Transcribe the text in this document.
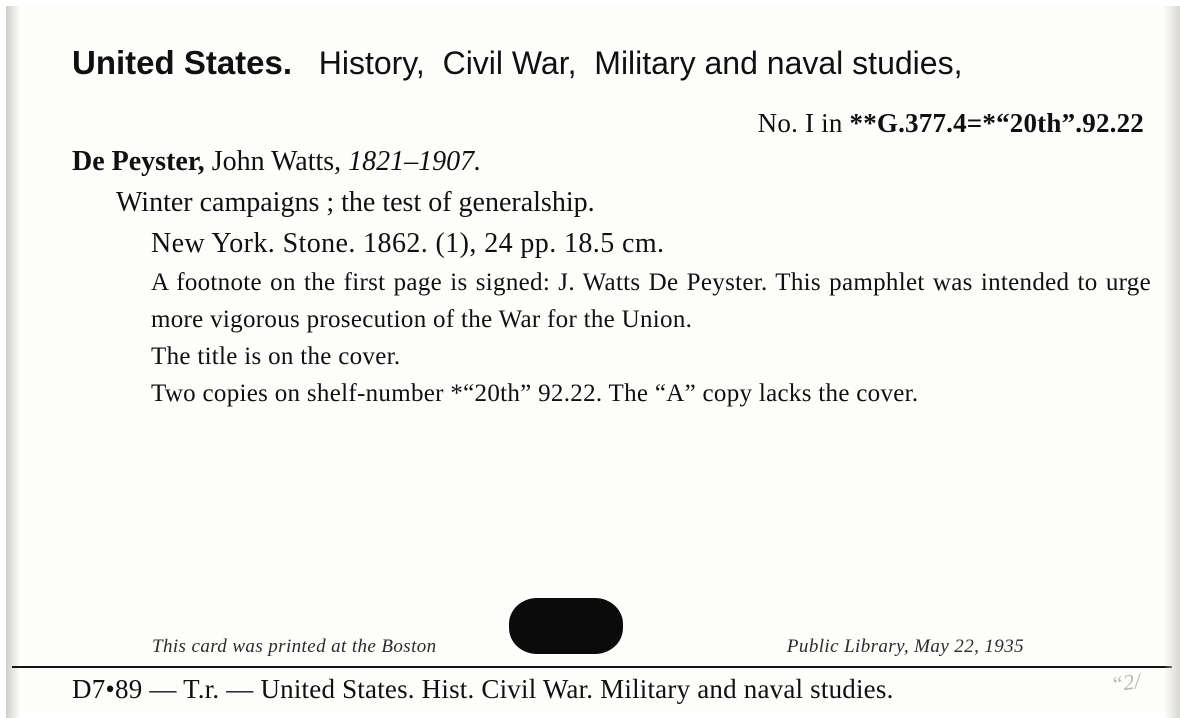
United States. History, Civil War, Military and naval studies,
No. I in **G.377.4=*“20th”.92.22
De Peyster, John Watts, 1821–1907.
Winter campaigns ; the test of generalship.
New York. Stone. 1862. (1), 24 pp. 18.5 cm.

A footnote on the first page is signed: J. Watts De Peyster. This pamphlet was intended to urge more vigorous prosecution of the War for the Union.

The title is on the cover.

Two copies on shelf-number *“20th” 92.22. The “A” copy lacks the cover.

This card was printed at the Boston	Public Library, May 22, 1935
D7•89 — T.r. — United States. Hist. Civil War. Military and naval studies.	“2/
